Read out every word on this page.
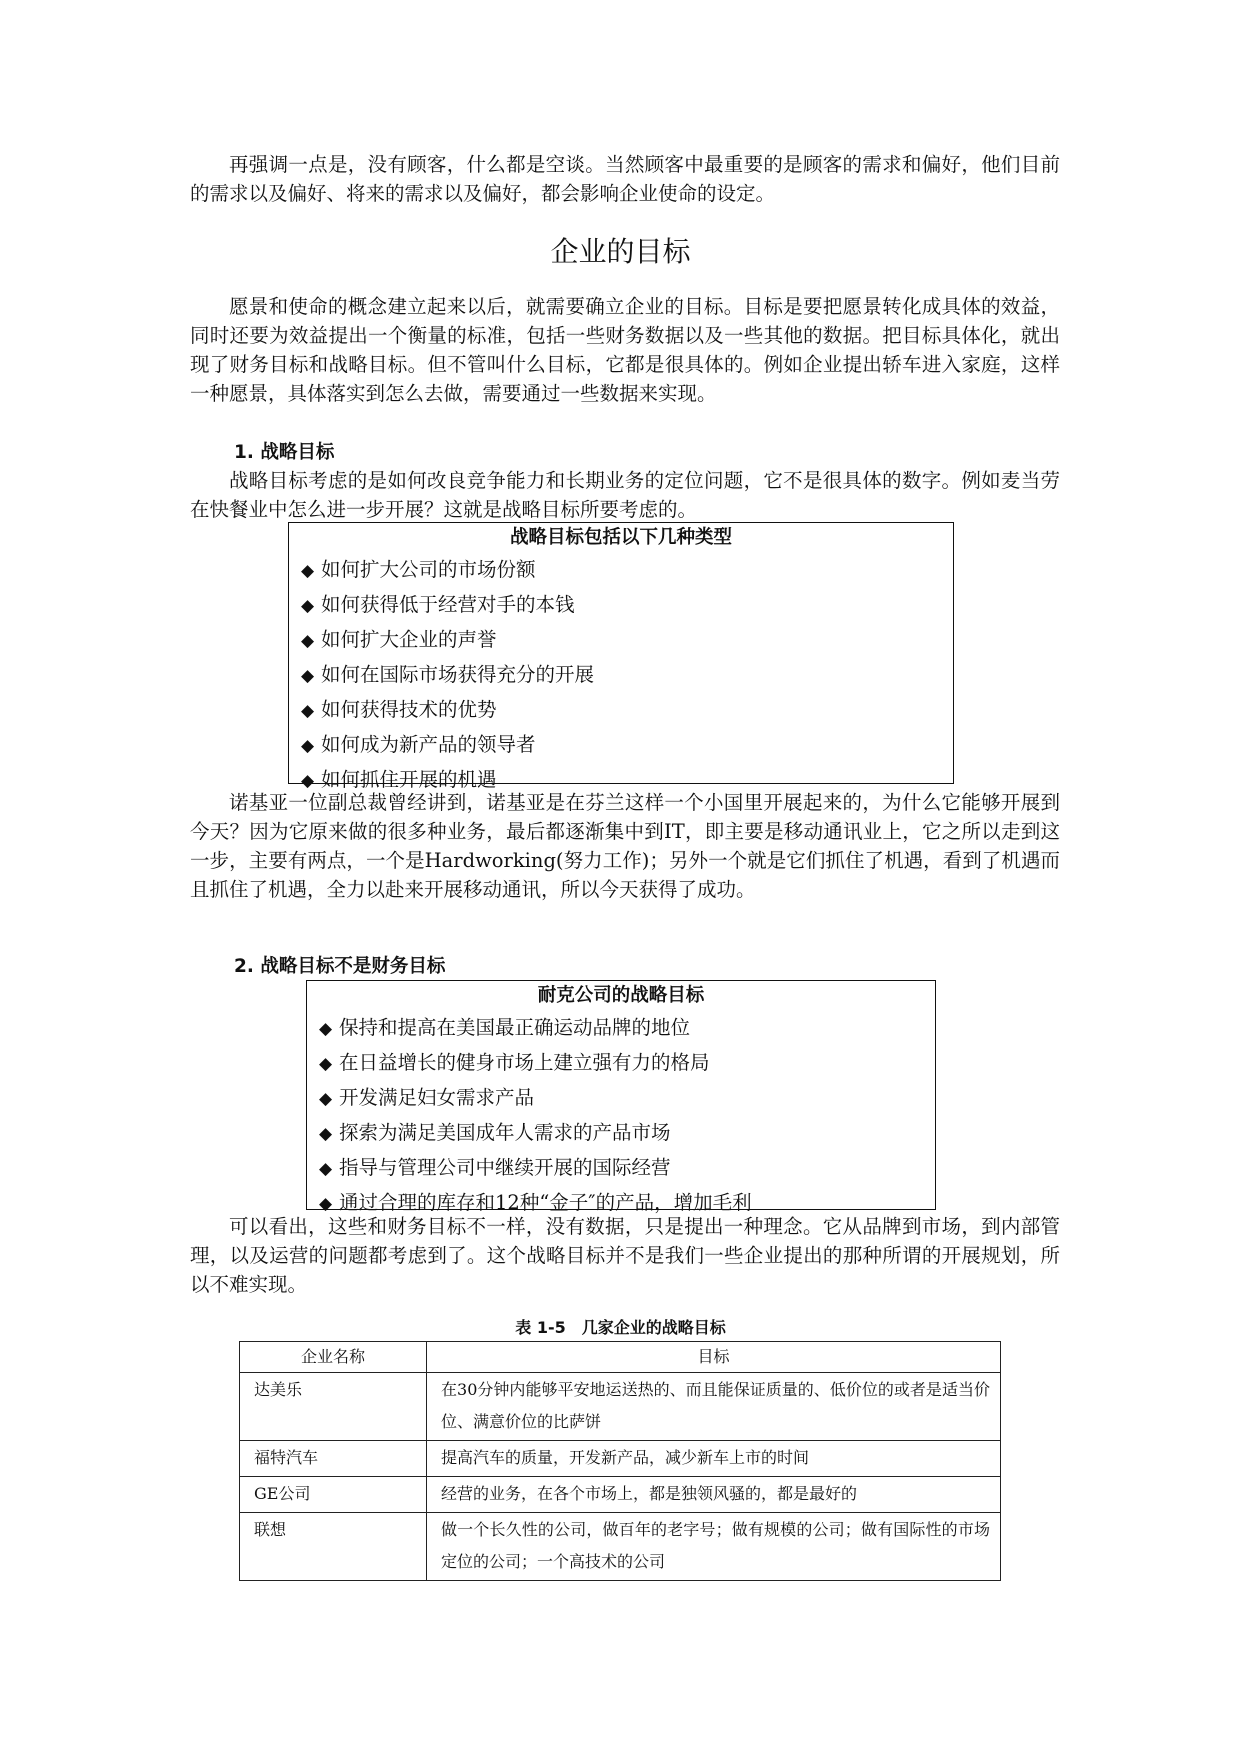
再强调一点是，没有顾客，什么都是空谈。当然顾客中最重要的是顾客的需求和偏好，他们目前的需求以及偏好、将来的需求以及偏好，都会影响企业使命的设定。

企业的目标

愿景和使命的概念建立起来以后，就需要确立企业的目标。目标是要把愿景转化成具体的效益，同时还要为效益提出一个衡量的标准，包括一些财务数据以及一些其他的数据。把目标具体化，就出现了财务目标和战略目标。但不管叫什么目标，它都是很具体的。例如企业提出轿车进入家庭，这样一种愿景，具体落实到怎么去做，需要通过一些数据来实现。

1. 战略目标

战略目标考虑的是如何改良竞争能力和长期业务的定位问题，它不是很具体的数字。例如麦当劳在快餐业中怎么进一步开展？这就是战略目标所要考虑的。

战略目标包括以下几种类型

◆ 如何扩大公司的市场份额
◆ 如何获得低于经营对手的本钱
◆ 如何扩大企业的声誉
◆ 如何在国际市场获得充分的开展
◆ 如何获得技术的优势
◆ 如何成为新产品的领导者
◆ 如何抓住开展的机遇

诺基亚一位副总裁曾经讲到，诺基亚是在芬兰这样一个小国里开展起来的，为什么它能够开展到今天？因为它原来做的很多种业务，最后都逐渐集中到IT，即主要是移动通讯业上，它之所以走到这一步，主要有两点，一个是Hardworking(努力工作)；另外一个就是它们抓住了机遇，看到了机遇而且抓住了机遇，全力以赴来开展移动通讯，所以今天获得了成功。

2. 战略目标不是财务目标

耐克公司的战略目标

◆ 保持和提高在美国最正确运动品牌的地位
◆ 在日益增长的健身市场上建立强有力的格局
◆ 开发满足妇女需求产品
◆ 探索为满足美国成年人需求的产品市场
◆ 指导与管理公司中继续开展的国际经营
◆ 通过合理的库存和12种“金子″的产品，增加毛利

可以看出，这些和财务目标不一样，没有数据，只是提出一种理念。它从品牌到市场，到内部管理，以及运营的问题都考虑到了。这个战略目标并不是我们一些企业提出的那种所谓的开展规划，所以不难实现。

表 1-5　几家企业的战略目标

企业名称	目标
达美乐	在30分钟内能够平安地运送热的、而且能保证质量的、低价位的或者是适当价位、满意价位的比萨饼
福特汽车	提高汽车的质量，开发新产品，减少新车上市的时间
GE公司	经营的业务，在各个市场上，都是独领风骚的，都是最好的
联想	做一个长久性的公司，做百年的老字号；做有规模的公司；做有国际性的市场定位的公司；一个高技术的公司
